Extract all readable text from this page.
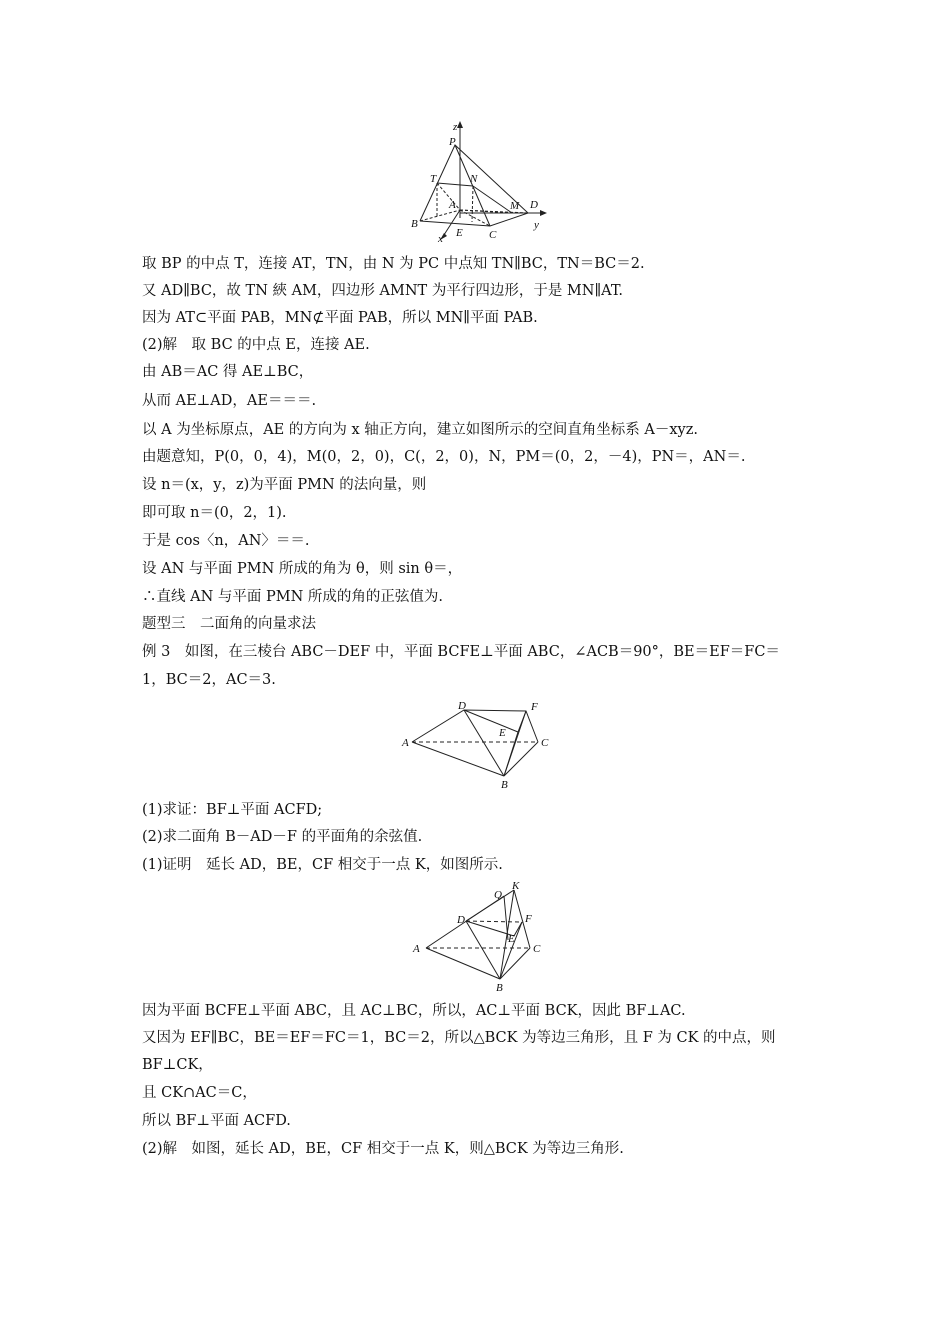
z
P
T	N
A	M D
B
x E C
y
取 BP 的中点 T，连接 AT，TN，由 N 为 PC 中点知 TN∥BC，TN＝BC＝2.
又 AD∥BC，故 TN 綊 AM，四边形 AMNT 为平行四边形，于是 MN∥AT.
因为 AT⊂平面 PAB，MN⊄平面 PAB，所以 MN∥平面 PAB.
(2)解　取 BC 的中点 E，连接 AE.
由 AB＝AC 得 AE⊥BC，
从而 AE⊥AD，AE＝＝＝.
以 A 为坐标原点，AE 的方向为 x 轴正方向，建立如图所示的空间直角坐标系 A－xyz.
由题意知，P(0，0，4)，M(0，2，0)，C(，2，0)，N，PM＝(0，2，－4)，PN＝，AN＝.
设 n＝(x，y，z)为平面 PMN 的法向量，则
即可取 n＝(0，2，1).
于是 cos〈n，AN〉＝＝.
设 AN 与平面 PMN 所成的角为 θ，则 sin θ＝，
∴直线 AN 与平面 PMN 所成的角的正弦值为.
题型三　二面角的向量求法
例 3　如图，在三棱台 ABC－DEF 中，平面 BCFE⊥平面 ABC，∠ACB＝90°，BE＝EF＝FC＝
1，BC＝2，AC＝3.
D	F
A
E
C
B
(1)求证：BF⊥平面 ACFD;
(2)求二面角 B－AD－F 的平面角的余弦值.
(1)证明　延长 AD，BE，CF 相交于一点 K，如图所示.
Q
K
D	F
A
E
C
B
因为平面 BCFE⊥平面 ABC，且 AC⊥BC，所以，AC⊥平面 BCK，因此 BF⊥AC.
又因为 EF∥BC，BE＝EF＝FC＝1，BC＝2，所以△BCK 为等边三角形，且 F 为 CK 的中点，则
BF⊥CK，
且 CK∩AC＝C，
所以 BF⊥平面 ACFD.
(2)解　如图，延长 AD，BE，CF 相交于一点 K，则△BCK 为等边三角形.
